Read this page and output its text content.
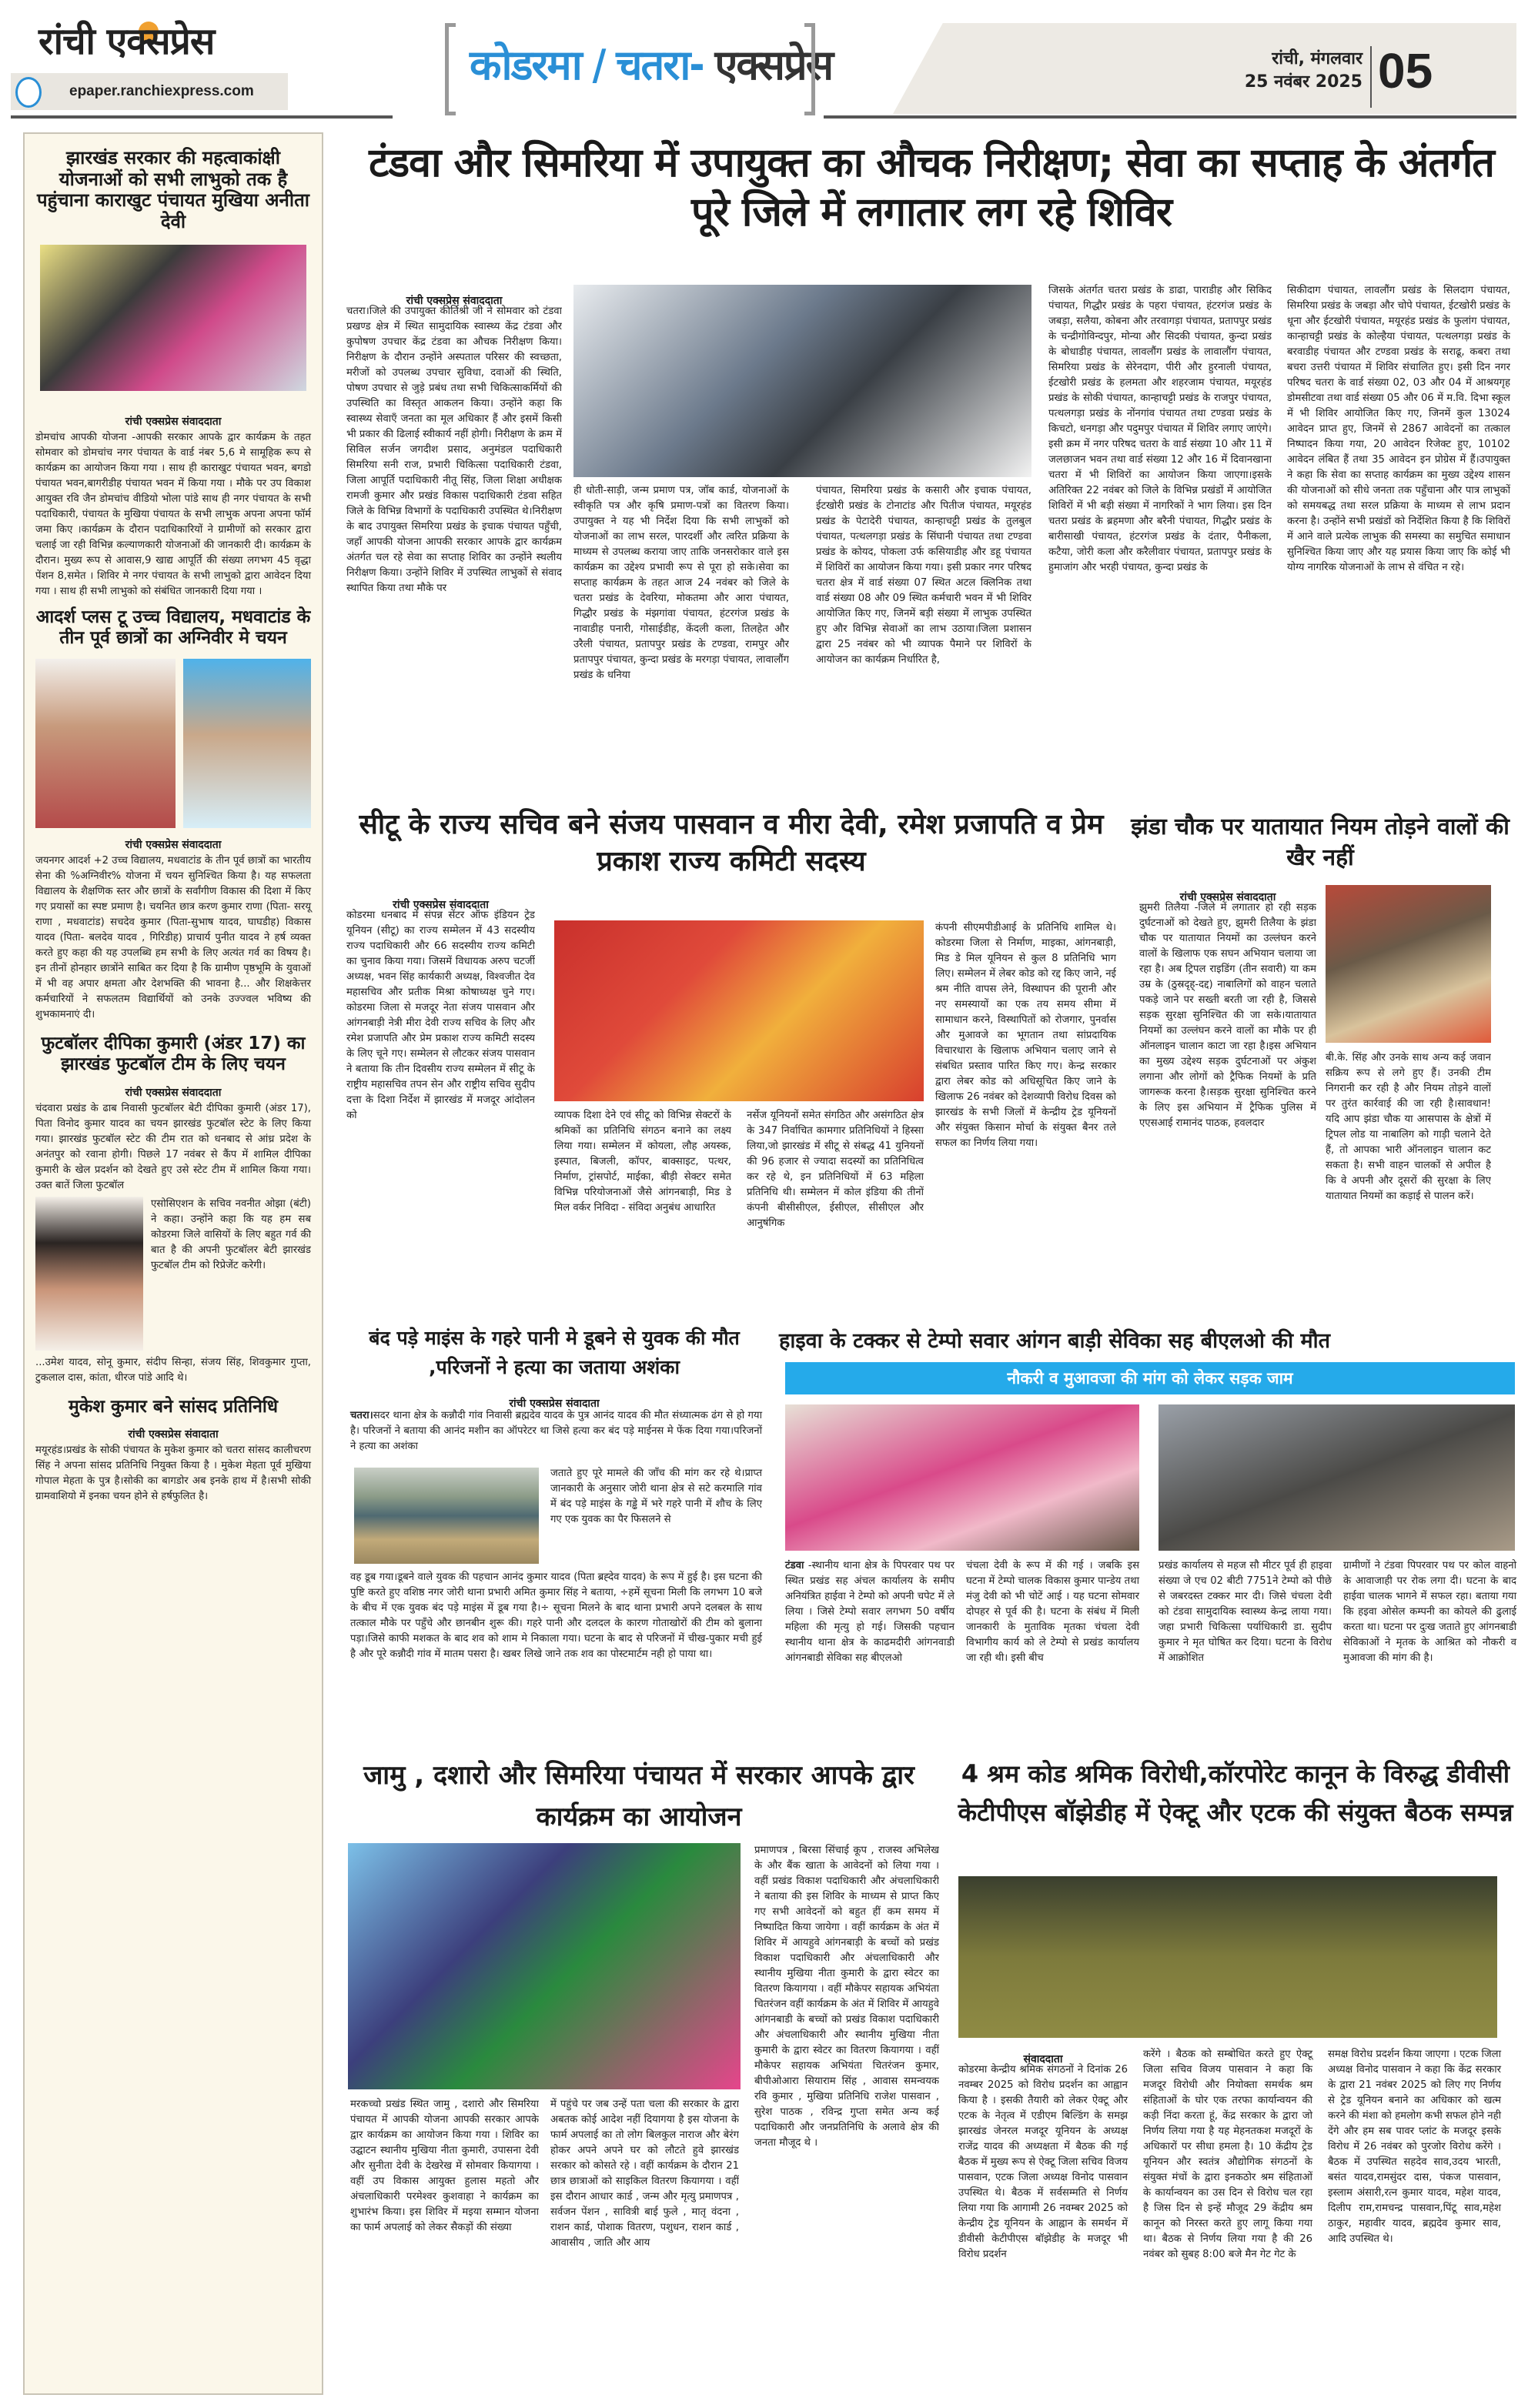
रांची एक्सप्रेस
epaper.ranchiexpress.com
कोडरमा / चतरा- एक्सप्रेस	रांची, मंगलवार
25 नवंबर 2025 05
झारखंड सरकार की महत्वाकांक्षी योजनाओं को सभी लाभुको तक है पहुंचाना काराखुट पंचायत मुखिया अनीता देवी
रांची एक्सप्रेस संवाददाता
डोमचांच आपकी योजना -आपकी सरकार आपके द्वार कार्यक्रम के तहत सोमवार को डोमचांच नगर पंचायत के वार्ड नंबर 5,6 मे सामूहिक रूप से कार्यक्रम का आयोजन किया गया । साथ ही काराखुट पंचायत भवन, बगडो पंचायत भवन,बागरीडीह पंचायत भवन में किया गया । मौके पर उप विकाश आयुक्त रवि जैन डोमचांच वीडियो भोला पांडे साथ ही नगर पंचायत के सभी पदाधिकारी, पंचायत के मुखिया पंचायत के सभी लाभुक अपना अपना फॉर्म जमा किए ।कार्यक्रम के दौरान पदाधिकारियों ने ग्रामीणों को सरकार द्वारा चलाई जा रही विभिन्न कल्याणकारी योजनाओं की जानकारी दी। कार्यक्रम के दौरान। मुख्य रूप से आवास,9 खाद्य आपूर्ति की संख्या लगभग 45 वृद्धा पेंशन 8,समेत । शिविर मे नगर पंचायत के सभी लाभुको द्वारा आवेदन दिया गया । साथ ही सभी लाभुको को संबंधित जानकारी दिया गया ।
आदर्श प्लस टू उच्च विद्यालय, मधवाटांड के तीन पूर्व छात्रों का अग्निवीर मे चयन
रांची एक्सप्रेस संवाददाता
जयनगर आदर्श +2 उच्च विद्यालय, मधवाटांड के तीन पूर्व छात्रों का भारतीय सेना की %अग्निवीर% योजना में चयन सुनिश्चित किया है। यह सफलता विद्यालय के शैक्षणिक स्तर और छात्रों के सर्वांगीण विकास की दिशा में किए गए प्रयासों का स्पष्ट प्रमाण है। चयनित छात्र करण कुमार राणा (पिता- सरयू राणा , मधवाटांड) सचदेव कुमार (पिता-सुभाष यादव, घाघडीह) विकास यादव (पिता- बलदेव यादव , गिरिडीह) प्राचार्य पुनीत यादव ने हर्ष व्यक्त करते हुए कहा की यह उपलब्धि हम सभी के लिए अत्यंत गर्व का विषय है। इन तीनों होनहार छात्रोंने साबित कर दिया है कि ग्रामीण पृष्ठभूमि के युवाओं में भी वह अपार क्षमता और देशभक्ति की भावना है... और शिक्षकेत्तर कर्मचारियों ने सफलतम विद्यार्थियों को उनके उज्ज्वल भविष्य की शुभकामनाएं दी।
फुटबॉलर दीपिका कुमारी (अंडर 17) का झारखंड फुटबॉल टीम के लिए चयन
रांची एक्सप्रेस संवाददाता
चंदवारा प्रखंड के ढाब निवासी फुटबॉलर बेटी दीपिका कुमारी (अंडर 17), पिता विनोद कुमार यादव का चयन झारखंड फुटबॉल स्टेट के लिए किया गया। झारखंड फुटबॉल स्टेट की टीम रात को धनबाद से आंध्र प्रदेश के अनंतपुर को रवाना होगी। पिछले 17 नवंबर से कैंप में शामिल दीपिका कुमारी के खेल प्रदर्शन को देखते हुए उसे स्टेट टीम में शामिल किया गया। उक्त बातें जिला फुटबॉल
एसोसिएशन के सचिव नवनीत ओझा (बंटी) ने कहा। उन्होंने कहा कि यह हम सब कोडरमा जिले वासियों के लिए बहुत गर्व की बात है की अपनी फुटबॉलर बेटी झारखंड फुटबॉल टीम को रिप्रेजेंट करेगी।
...उमेश यादव, सोनू कुमार, संदीप सिन्हा, संजय सिंह, शिवकुमार गुप्ता, टुकलाल दास, कांता, धीरज पांडे आदि थे।
मुकेश कुमार बने सांसद प्रतिनिधि
रांची एक्सप्रेस संवादाता
मयूरहंड।प्रखंड के सोकी पंचायत के मुकेश कुमार को चतरा सांसद कालीचरण सिंह ने अपना सांसद प्रतिनिधि नियुक्त किया है । मुकेश मेहता पूर्व मुखिया गोपाल मेहता के पुत्र है।सोकी का बागडोर अब इनके हाथ में है।सभी सोकी ग्रामवाशियो में इनका चयन होने से हर्षफुलित है।
टंडवा और सिमरिया में उपायुक्त का औचक निरीक्षण; सेवा का सप्ताह के अंतर्गत पूरे जिले में लगातार लग रहे शिविर
रांची एक्सप्रेस संवाददाता
चतरा।जिले की उपायुक्त कीर्तिश्री जी ने सोमवार को टंडवा प्रखण्ड क्षेत्र में स्थित सामुदायिक स्वास्थ्य केंद्र टंडवा और कुपोषण उपचार केंद्र टंडवा का औचक निरीक्षण किया। निरीक्षण के दौरान उन्होंने अस्पताल परिसर की स्वच्छता, मरीजों को उपलब्ध उपचार सुविधा, दवाओं की स्थिति, पोषण उपचार से जुड़े प्रबंध तथा सभी चिकित्साकर्मियों की उपस्थिति का विस्तृत आकलन किया। उन्होंने कहा कि स्वास्थ्य सेवाएँ जनता का मूल अधिकार हैं और इसमें किसी भी प्रकार की ढिलाई स्वीकार्य नहीं होगी। निरीक्षण के क्रम में सिविल सर्जन जगदीश प्रसाद, अनुमंडल पदाधिकारी सिमरिया सनी राज, प्रभारी चिकित्सा पदाधिकारी टंडवा, जिला आपूर्ति पदाधिकारी नीतू सिंह, जिला शिक्षा अधीक्षक रामजी कुमार और प्रखंड विकास पदाधिकारी टंडवा सहित जिले के विभिन्न विभागों के पदाधिकारी उपस्थित थे।निरीक्षण के बाद उपायुक्त सिमरिया प्रखंड के इचाक पंचायत पहुँची, जहाँ आपकी योजना आपकी सरकार आपके द्वार कार्यक्रम अंतर्गत चल रहे सेवा का सप्ताह शिविर का उन्होंने स्थलीय निरीक्षण किया। उन्होंने शिविर में उपस्थित लाभुकों से संवाद स्थापित किया तथा मौके पर
ही धोती-साड़ी, जन्म प्रमाण पत्र, जॉब कार्ड, योजनाओं के स्वीकृति पत्र और कृषि प्रमाण-पत्रों का वितरण किया। उपायुक्त ने यह भी निर्देश दिया कि सभी लाभुकों को योजनाओं का लाभ सरल, पारदर्शी और त्वरित प्रक्रिया के माध्यम से उपलब्ध कराया जाए ताकि जनसरोकार वाले इस कार्यक्रम का उद्देश्य प्रभावी रूप से पूरा हो सके।सेवा का सप्ताह कार्यक्रम के तहत आज 24 नवंबर को जिले के चतरा प्रखंड के देवरिया, मोकतमा और आरा पंचायत, गिद्धौर प्रखंड के मंझगांवा पंचायत, हंटरगंज प्रखंड के नावाडीह पनारी, गोसाईडीह, केंदली कला, तिलहेत और उरैली पंचायत, प्रतापपुर प्रखंड के टण्डवा, रामपुर और प्रतापपुर पंचायत, कुन्दा प्रखंड के मरगड़ा पंचायत, लावालौंग प्रखंड के धनिया
पंचायत, सिमरिया प्रखंड के कसारी और इचाक पंचायत, ईटखोरी प्रखंड के टोनाटांड और पितीज पंचायत, मयूरहंड प्रखंड के पेटादेरी पंचायत, कान्हाचट्टी प्रखंड के तुलबुल पंचायत, पत्थलगड़ा प्रखंड के सिंघानी पंचायत तथा टण्डवा प्रखंड के कोयद, पोकला उर्फ कसियाडीह और डहू पंचायत में शिविरों का आयोजन किया गया। इसी प्रकार नगर परिषद चतरा क्षेत्र में वार्ड संख्या 07 स्थित अटल क्लिनिक तथा वार्ड संख्या 08 और 09 स्थित कर्मचारी भवन में भी शिविर आयोजित किए गए, जिनमें बड़ी संख्या में लाभुक उपस्थित हुए और विभिन्न सेवाओं का लाभ उठाया।जिला प्रशासन द्वारा 25 नवंबर को भी व्यापक पैमाने पर शिविरों के आयोजन का कार्यक्रम निर्धारित है,
जिसके अंतर्गत चतरा प्रखंड के डाढा, पाराडीह और सिकिद पंचायत, गिद्धौर प्रखंड के पहरा पंचायत, हंटरगंज प्रखंड के जबड़ा, सलैया, कोबना और तरवागड़ा पंचायत, प्रतापपुर प्रखंड के चन्द्रीगोविन्दपुर, मोन्या और सिदकी पंचायत, कुन्दा प्रखंड के बोधाडीह पंचायत, लावलौंग प्रखंड के लावालौंग पंचायत, सिमरिया प्रखंड के सेरेनदाग, पीरी और हुरनाली पंचायत, ईटखोरी प्रखंड के हलमता और शहरजाम पंचायत, मयूरहंड प्रखंड के सोकी पंचायत, कान्हाचट्टी प्रखंड के राजपुर पंचायत, पत्थलगड़ा प्रखंड के नोंनगांव पंचायत तथा टण्डवा प्रखंड के किचटो, धनगड़ा और पदुमपुर पंचायत में शिविर लगाए जाएंगे। इसी क्रम में नगर परिषद चतरा के वार्ड संख्या 10 और 11 में जलछाजन भवन तथा वार्ड संख्या 12 और 16 में दिवानखाना चतरा में भी शिविरों का आयोजन किया जाएगा।इसके अतिरिक्त 22 नवंबर को जिले के विभिन्न प्रखंडों में आयोजित शिविरों में भी बड़ी संख्या में नागरिकों ने भाग लिया। इस दिन चतरा प्रखंड के ब्रहमणा और बरैनी पंचायत, गिद्धौर प्रखंड के बारीसाखी पंचायत, हंटरगंज प्रखंड के दंतार, पैनीकला, कटैया, जोरी कला और करैलीवार पंचायत, प्रतापपुर प्रखंड के हुमाजांग और भरही पंचायत, कुन्दा प्रखंड के
सिकीदाग पंचायत, लावलौंग प्रखंड के सिलदाग पंचायत, सिमरिया प्रखंड के जबड़ा और चोपे पंचायत, ईटखोरी प्रखंड के धूना और ईटखोरी पंचायत, मयूरहंड प्रखंड के फुलांग पंचायत, कान्हाचट्टी प्रखंड के कोल्हैया पंचायत, पत्थलगड़ा प्रखंड के बरवाडीह पंचायत और टण्डवा प्रखंड के सराढू, कबरा तथा बचरा उत्तरी पंचायत में शिविर संचालित हुए। इसी दिन नगर परिषद चतरा के वार्ड संख्या 02, 03 और 04 में आश्रयगृह डोमसीटवा तथा वार्ड संख्या 05 और 06 में म.वि. दिभा स्कूल में भी शिविर आयोजित किए गए, जिनमें कुल 13024 आवेदन प्राप्त हुए, जिनमें से 2867 आवेदनों का तत्काल निष्पादन किया गया, 20 आवेदन रिजेक्ट हुए, 10102 आवेदन लंबित हैं तथा 35 आवेदन इन प्रोग्रेस में हैं।उपायुक्त ने कहा कि सेवा का सप्ताह कार्यक्रम का मुख्य उद्देश्य शासन की योजनाओं को सीधे जनता तक पहुँचाना और पात्र लाभुकों को समयबद्ध तथा सरल प्रक्रिया के माध्यम से लाभ प्रदान करना है। उन्होंने सभी प्रखंडों को निर्देशित किया है कि शिविरों में आने वाले प्रत्येक लाभुक की समस्या का समुचित समाधान सुनिश्चित किया जाए और यह प्रयास किया जाए कि कोई भी योग्य नागरिक योजनाओं के लाभ से वंचित न रहे।
सीटू के राज्य सचिव बने संजय पासवान व मीरा देवी, रमेश प्रजापति व प्रेम प्रकाश राज्य कमिटी सदस्य
रांची एक्सप्रेस संवाददाता
कोडरमा धनबाद में संपन्न सेंटर ऑफ इंडियन ट्रेड यूनियन (सीटू) का राज्य सम्मेलन में 43 सदस्यीय राज्य पदाधिकारी और 66 सदस्यीय राज्य कमिटी का चुनाव किया गया। जिसमें विधायक अरुप चटर्जी अध्यक्ष, भवन सिंह कार्यकारी अध्यक्ष, विश्वजीत देव महासचिव और प्रतीक मिश्रा कोषाध्यक्ष चुने गए। कोडरमा जिला से मजदूर नेता संजय पासवान और आंगनबाड़ी नेत्री मीरा देवी राज्य सचिव के लिए और रमेश प्रजापति और प्रेम प्रकाश राज्य कमिटी सदस्य के लिए चूने गए। सम्मेलन से लौटकर संजय पासवान ने बताया कि तीन दिवसीय राज्य सम्मेलन में सीटू के राष्ट्रीय महासचिव तपन सेन और राष्ट्रीय सचिव सुदीप दत्ता के दिशा निर्देश में झारखंड में मजदूर आंदोलन को	व्यापक दिशा देने एवं सीटू को विभिन्न सेक्टरों के श्रमिकों का प्रतिनिधि संगठन बनाने का लक्ष्य लिया गया। सम्मेलन में कोयला, लौह अयस्क, इस्पात, बिजली, कॉपर, बाक्साइट, पत्थर, निर्माण, ट्रांसपोर्ट, माईका, बीड़ी सेक्टर समेत विभिन्न परियोजनाओं जैसे आंगनबाड़ी, मिड डे मिल वर्कर निविदा - संविदा अनुबंध आधारित
नर्सेज यूनियनों समेत संगठित और असंगठित क्षेत्र के 347 निर्वाचित कामगार प्रतिनिधियों ने हिस्सा लिया,जो झारखंड में सीटू से संबद्ध 41 युनियनों की 96 हजार से ज्यादा सदस्यों का प्रतिनिधित्व कर रहे थे, इन प्रतिनिधियों में 63 महिला प्रतिनिधि थी। सम्मेलन में कोल इंडिया की तीनों कंपनी बीसीसीएल, ईसीएल, सीसीएल और आनुषंगिक
कंपनी सीएमपीडीआई के प्रतिनिधि शामिल थे। कोडरमा जिला से निर्माण, माइका, आंगनबाड़ी, मिड डे मिल यूनियन से कुल 8 प्रतिनिधि भाग लिए। सम्मेलन में लेबर कोड को रद्द किए जाने, नई श्रम नीति वापस लेने, विस्थापन की पूरानी और नए समस्यायों का एक तय समय सीमा में सामाधान करने, विस्थापितों को रोजगार, पुनर्वास और मुआवजे का भूगतान तथा सांप्रदायिक विचारधारा के खिलाफ अभियान चलाए जाने से संबधित प्रस्ताव पारित किए गए। केन्द्र सरकार द्वारा लेबर कोड को अधिसूचित किए जाने के खिलाफ 26 नवंबर को देशव्यापी विरोध दिवस को झारखंड के सभी जिलों में केन्द्रीय ट्रेड यूनियनों और संयुक्त किसान मोर्चा के संयुक्त बैनर तले सफल का निर्णय लिया गया।
झंडा चौक पर यातायात नियम तोड़ने वालों की खैर नहीं
रांची एक्सप्रेस संवाददाता
झुमरी तिलैया -जिले में लगातार हो रही सड़क दुर्घटनाओं को देखते हुए, झुमरी तिलैया के झंडा चौक पर यातायात नियमों का उल्लंघन करने वालों के खिलाफ एक सघन अभियान चलाया जा रहा है। अब ट्रिपल राइडिंग (तीन सवारी) या कम उम्र के (ठुस्रदृह्-दद्द) नाबालिगों को वाहन चलाते पकड़े जाने पर सख्ती बरती जा रही है, जिससे सड़क सुरक्षा सुनिश्चित की जा सके।यातायात नियमों का उल्लंघन करने वालों का मौके पर ही ऑनलाइन चालान काटा जा रहा है।इस अभियान का मुख्य उद्देश्य सड़क दुर्घटनाओं पर अंकुश लगाना और लोगों को ट्रैफिक नियमों के प्रति जागरूक करना है।सड़क सुरक्षा सुनिश्चित करने के लिए इस अभियान में ट्रैफिक पुलिस में एएसआई रामानंद पाठक, हवलदार
बी.के. सिंह और उनके साथ अन्य कई जवान सक्रिय रूप से लगे हुए हैं। उनकी टीम निगरानी कर रही है और नियम तोड़ने वालों पर तुरंत कार्रवाई की जा रही है।सावधान! यदि आप झंडा चौक या आसपास के क्षेत्रों में ट्रिपल लोड या नाबालिग को गाड़ी चलाने देते हैं, तो आपका भारी ऑनलाइन चालान कट सकता है। सभी वाहन चालकों से अपील है कि वे अपनी और दूसरों की सुरक्षा के लिए यातायात नियमों का कड़ाई से पालन करें।
बंद पड़े माइंस के गहरे पानी मे डूबने से युवक की मौत ,परिजनों ने हत्या का जताया अशंका
रांची एक्सप्रेस संवादाता
चतरा।सदर थाना क्षेत्र के कन्नौदी गांव निवासी ब्रह्मदेव यादव के पुत्र आनंद यादव की मौत संध्यात्मक ढंग से हो गया है। परिजनों ने बताया की आनंद मशीन का ऑपरेटर था जिसे हत्या कर बंद पड़े माईनस मे फेंक दिया गया।परिजनों ने हत्या का अशंका
जताते हुए पूरे मामले की जाँच की मांग कर रहे थे।प्राप्त जानकारी के अनुसार जोरी थाना क्षेत्र से सटे करमालि गांव में बंद पड़े माइंस के गड्ढे में भरे गहरे पानी में शौच के लिए गए एक युवक का पैर फिसलने से
वह डूब गया।डूबने वाले युवक की पहचान आनंद कुमार यादव (पिता ब्रह्देव यादव) के रूप में हुई है। इस घटना की पुष्टि करते हुए वशिष्ठ नगर जोरी थाना प्रभारी अमित कुमार सिंह ने बताया, ÷हमें सूचना मिली कि लगभग 10 बजे के बीच में एक युवक बंद पड़े माइंस में डूब गया है।÷ सूचना मिलने के बाद थाना प्रभारी अपने दलबल के साथ तत्काल मौके पर पहुँचे और छानबीन शुरू की। गहरे पानी और दलदल के कारण गोताखोरों की टीम को बुलाना पड़ा।जिसे काफी मशकत के बाद शव को शाम मे निकाला गया। घटना के बाद से परिजनों में चीख-पुकार मची हुई है और पूरे कन्नौदी गांव में मातम पसरा है। खबर लिखे जाने तक शव का पोस्टमार्टम नही हो पाया था।
हाइवा के टक्कर से टेम्पो सवार आंगन बाड़ी सेविका सह बीएलओ की मौत
नौकरी व मुआवजा की मांग को लेकर सड़क जाम
टंडवा -स्थानीय थाना क्षेत्र के पिपरवार पथ पर स्थित प्रखंड सह अंचल कार्यालय के समीप अनियंत्रित हाईवा ने टेम्पो को अपनी चपेट में ले लिया । जिसे टेम्पो सवार लगभग 50 वर्षीय महिला की मृत्यु हो गई। जिसकी पहचान स्थानीय थाना क्षेत्र के काढमदीरी आंगनवाडी आंगनबाडी सेविका सह बीएलओ
चंचला देवी के रूप में की गई । जबकि इस घटना में टेम्पो चालक विकास कुमार पान्डेय तथा मंजु देवी को भी चोटें आई । यह घटना सोमवार दोपहर से पूर्व की है। घटना के संबंध में मिली जानकारी के मुताविक मृतका चंचला देवी विभागीय कार्य को ले टेम्पो से प्रखंड कार्यालय जा रही थी। इसी बीच
प्रखंड कार्यालय से महज सौ मीटर पूर्व ही हाइवा संख्या जे एच 02 बीटी 7751ने टेम्पो को पीछे से जबरदस्त टक्कर मार दी। जिसे चंचला देवी को टंडवा सामुदायिक स्वास्थ्य केन्द्र लाया गया। जहा प्रभारी चिकित्सा पर्याधिकारी डा. सुदीप कुमार ने मृत घोषित कर दिया। घटना के विरोध में आक्रोशित
ग्रामीणों ने टंडवा पिपरवार पथ पर कोल वाहनो के आवाजाही पर रोक लगा दी। घटना के बाद हाईवा चालक भागने में सफल रहा। बताया गया कि हइवा ओसेल कम्पनी का कोयले की ढुलाई करता था। घटना पर दुःख जताते हुए आंगनबाडी सेविकाओं ने मृतक के आश्रित को नौकरी व मुआवजा की मांग की है।
जामु , दशारो और सिमरिया पंचायत में सरकार आपके द्वार कार्यक्रम का आयोजन
प्रमाणपत्र , बिरसा सिंचाई कूप , राजस्व अभिलेख के और बैंक खाता के आवेदनों को लिया गया । वहीं प्रखंड विकाश पदाधिकारी और अंचलाधिकारी ने बताया की इस शिविर के माध्यम से प्राप्त किए गए सभी आवेदनों को बहुत हीं कम समय में निष्पादित किया जायेगा । वहीं कार्यक्रम के अंत में शिविर में आयहुवे आंगनबाड़ी के बच्चों को प्रखंड विकाश पदाधिकारी और अंचलाधिकारी और स्थानीय मुखिया नीता कुमारी के द्वारा स्वेटर का वितरण कियागया । वहीं मौकेपर सहायक अभियंता चितरंजन वहीं कार्यक्रम के अंत में शिविर में आयहुवे आंगनबाडी के बच्चों को प्रखंड विकाश पदाधिकारी और अंचलाधिकारी और स्थानीय मुखिया नीता कुमारी के द्वारा स्वेटर का वितरण कियागया । वहीं मौकेपर सहायक अभियंता चितरंजन कुमार, बीपीओआरा सियाराम सिंह , आवास समन्वयक रवि कुमार , मुखिया प्रतिनिधि राजेश पासवान , सुरेश पाठक , रविन्द्र गुप्ता समेत अन्य कई पदाधिकारी और जनप्रतिनिधि के अलावे क्षेत्र की जनता मौजूद थे ।
मरकच्चो प्रखंड स्थित जामु , दशारो और सिमरिया पंचायत में आपकी योजना आपकी सरकार आपके द्वार कार्यक्रम का आयोजन किया गया । शिविर का उद्घाटन स्थानीय मुखिया नीता कुमारी, उपासना देवी और सुनीता देवी के देखरेख में सोमवार कियागया । वहीं उप विकास आयुक्त हुलास महतो और अंचलाधिकारी परमेश्वर कुशवाहा ने कार्यक्रम का शुभारंभ किया। इस शिविर में मइया सम्मान योजना का फार्म अपलाई को लेकर सैकड़ों की संख्या
में पहुंचे पर जब उन्हें पता चला की सरकार के द्वारा अबतक कोई आदेश नहीं दियागया है इस योजना के फार्म अपलाई का तो लोग बिलकुल नाराज और बेरंग होकर अपने अपने घर को लौटते हुवे झारखंड सरकार को कोसते रहे । वहीं कार्यक्रम के दौरान 21 छात्र छात्राओं को साइकिल वितरण कियागया । वहीं इस दौरान आधार कार्ड , जन्म और मृत्यु प्रमाणपत्र , सर्वजन पेंशन , सावित्री बाई फुले , मातृ वंदना , राशन कार्ड, पोशाक वितरण, पशुधन, राशन कार्ड , आवासीय , जाति और आय
4 श्रम कोड श्रमिक विरोधी,कॉरपोरेट कानून के विरुद्ध डीवीसी केटीपीएस बॉझेडीह में ऐक्टू और एटक की संयुक्त बैठक सम्पन्न
संवाददाता
कोडरमा केन्द्रीय श्रमिक संगठनों ने दिनांक 26 नवम्बर 2025 को विरोध प्रदर्शन का आह्वान किया है । इसकी तैयारी को लेकर ऐक्टू और एटक के नेतृत्व में एडीएम बिल्डिंग के समझ झारखंड जेनरल मजदूर यूनियन के अध्यक्ष राजेंद्र यादव की अध्यक्षता में बैठक की गई बैठक में मुख्य रूप से ऐक्टू जिला सचिव विजय पासवान, एटक जिला अध्यक्ष विनोद पासवान उपस्थित थे। बैठक में सर्वसम्मति से निर्णय लिया गया कि आगामी 26 नवम्बर 2025 को केन्द्रीय ट्रेड यूनियन के आह्वान के समर्थन में डीवीसी केटीपीएस बॉझेडीह के मजदूर भी विरोध प्रदर्शन
करेंगे । बैठक को सम्बोधित करते हुए ऐक्टू जिला सचिव विजय पासवान ने कहा कि मजदूर विरोधी और नियोक्ता समर्थक श्रम संहिताओं के घोर एक तरफा कार्यान्वयन की कड़ी निंदा करता हूं, केंद्र सरकार के द्वारा जो निर्णय लिया गया है यह मेहनतकश मजदूरों के अधिकारों पर सीधा हमला है। 10 केंद्रीय ट्रेड यूनियन और स्वतंत्र औद्योगिक संगठनों के संयुक्त मंचों के द्वारा इनकठोर श्रम संहिताओं के कार्यान्वयन का उस दिन से विरोध चल रहा है जिस दिन से इन्हें मौजूद 29 केंद्रीय श्रम कानून को निरस्त करते हुए लागू किया गया था। बैठक से निर्णय लिया गया है की 26 नवंबर को सुबह 8:00 बजे मैन गेट गेट के
समक्ष विरोध प्रदर्शन किया जाएगा । एटक जिला अध्यक्ष विनोद पासवान ने कहा कि केंद्र सरकार के द्वारा 21 नवंबर 2025 को लिए गए निर्णय से ट्रेड यूनियन बनाने का अधिकार को खत्म करने की मंशा को हमलोग कभी सफल होने नही देंगे और हम सब पावर प्लांट के मजदूर इसके विरोध में 26 नवंबर को पुरजोर विरोध करेंगे । बैठक में उपस्थित सहदेव साव,उदय भारती, बसंत यादव,रामसुंदर दास, पंकज पासवान, इस्लाम अंसारी,रत्न कुमार यादव, महेश यादव, दिलीप राम,रामचन्द्र पासवान,पिंटू साव,महेश ठाकुर, महावीर यादव, ब्रह्मदेव कुमार साव, आदि उपस्थित थे।
